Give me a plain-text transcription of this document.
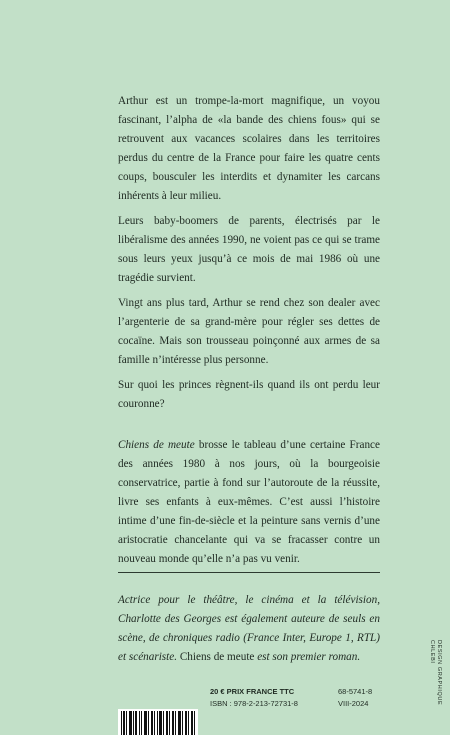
Arthur est un trompe-la-mort magnifique, un voyou fascinant, l’alpha de «la bande des chiens fous» qui se retrouvent aux vacances scolaires dans les territoires perdus du centre de la France pour faire les quatre cents coups, bousculer les interdits et dynamiter les carcans inhérents à leur milieu.

Leurs baby-boomers de parents, électrisés par le libéralisme des années 1990, ne voient pas ce qui se trame sous leurs yeux jusqu’à ce mois de mai 1986 où une tragédie survient.

Vingt ans plus tard, Arthur se rend chez son dealer avec l’argenterie de sa grand-mère pour régler ses dettes de cocaïne. Mais son trousseau poinçonné aux armes de sa famille n’intéresse plus personne.

Sur quoi les princes règnent-ils quand ils ont perdu leur couronne?

Chiens de meute brosse le tableau d’une certaine France des années 1980 à nos jours, où la bourgeoisie conservatrice, partie à fond sur l’autoroute de la réussite, livre ses enfants à eux-mêmes. C’est aussi l’histoire intime d’une fin-de-siècle et la peinture sans vernis d’une aristocratie chancelante qui va se fracasser contre un nouveau monde qu’elle n’a pas vu venir.

Actrice pour le théâtre, le cinéma et la télévision, Charlotte des Georges est également auteure de seuls en scène, de chroniques radio (France Inter, Europe 1, RTL) et scénariste. Chiens de meute est son premier roman.	DESIGN GRAPHIQUE
CHLEBI
20 € PRIX FRANCE TTC
ISBN : 978-2-213-72731-8
68-5741-8
VIII-2024
